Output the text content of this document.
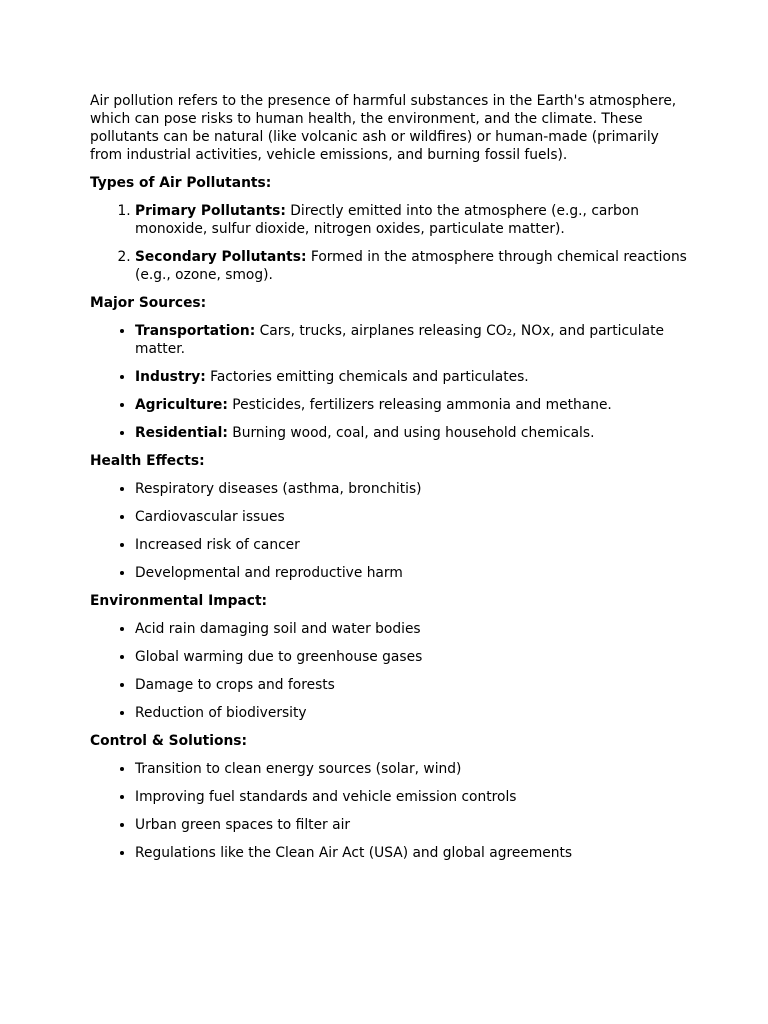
Air pollution refers to the presence of harmful substances in the Earth's atmosphere, which can pose risks to human health, the environment, and the climate. These pollutants can be natural (like volcanic ash or wildfires) or human-made (primarily from industrial activities, vehicle emissions, and burning fossil fuels).

Types of Air Pollutants:
1. Primary Pollutants: Directly emitted into the atmosphere (e.g., carbon monoxide, sulfur dioxide, nitrogen oxides, particulate matter).
2. Secondary Pollutants: Formed in the atmosphere through chemical reactions (e.g., ozone, smog).
Major Sources:
• Transportation: Cars, trucks, airplanes releasing CO₂, NOx, and particulate matter.
• Industry: Factories emitting chemicals and particulates.
• Agriculture: Pesticides, fertilizers releasing ammonia and methane.
• Residential: Burning wood, coal, and using household chemicals.
Health Effects:
• Respiratory diseases (asthma, bronchitis)
• Cardiovascular issues
• Increased risk of cancer
• Developmental and reproductive harm
Environmental Impact:
• Acid rain damaging soil and water bodies
• Global warming due to greenhouse gases
• Damage to crops and forests
• Reduction of biodiversity
Control & Solutions:
• Transition to clean energy sources (solar, wind)
• Improving fuel standards and vehicle emission controls
• Urban green spaces to filter air
• Regulations like the Clean Air Act (USA) and global agreements
